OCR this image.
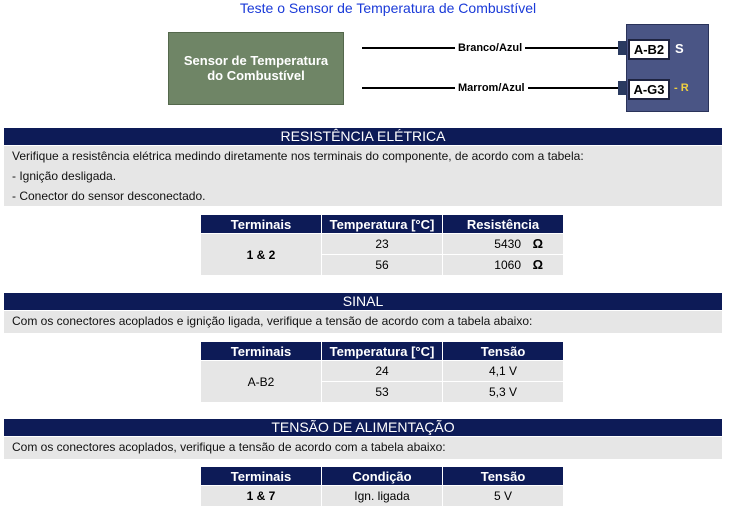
Teste o Sensor de Temperatura de Combustível
Sensor de Temperatura
do Combustível
1
2
Branco/Azul
Marrom/Azul
A-B2
A-G3
S
- R
RESISTÊNCIA ELÉTRICA
Verifique a resistência elétrica medindo diretamente nos terminais do componente, de acordo com a tabela:
- Ignição desligada.
- Conector do sensor desconectado.
Terminais	Temperatura [°C]	Resistência
1 & 2	23	5430 Ω

	56	1060 Ω
SINAL
Com os conectores acoplados e ignição ligada, verifique a tensão de acordo com a tabela abaixo:
Terminais	Temperatura [°C]	Tensão
A-B2	24	4,1 V
	53	5,3 V
TENSÃO DE ALIMENTAÇÃO
Com os conectores acoplados, verifique a tensão de acordo com a tabela abaixo:
Terminais	Condição	Tensão
1 & 7	Ign. ligada	5 V
